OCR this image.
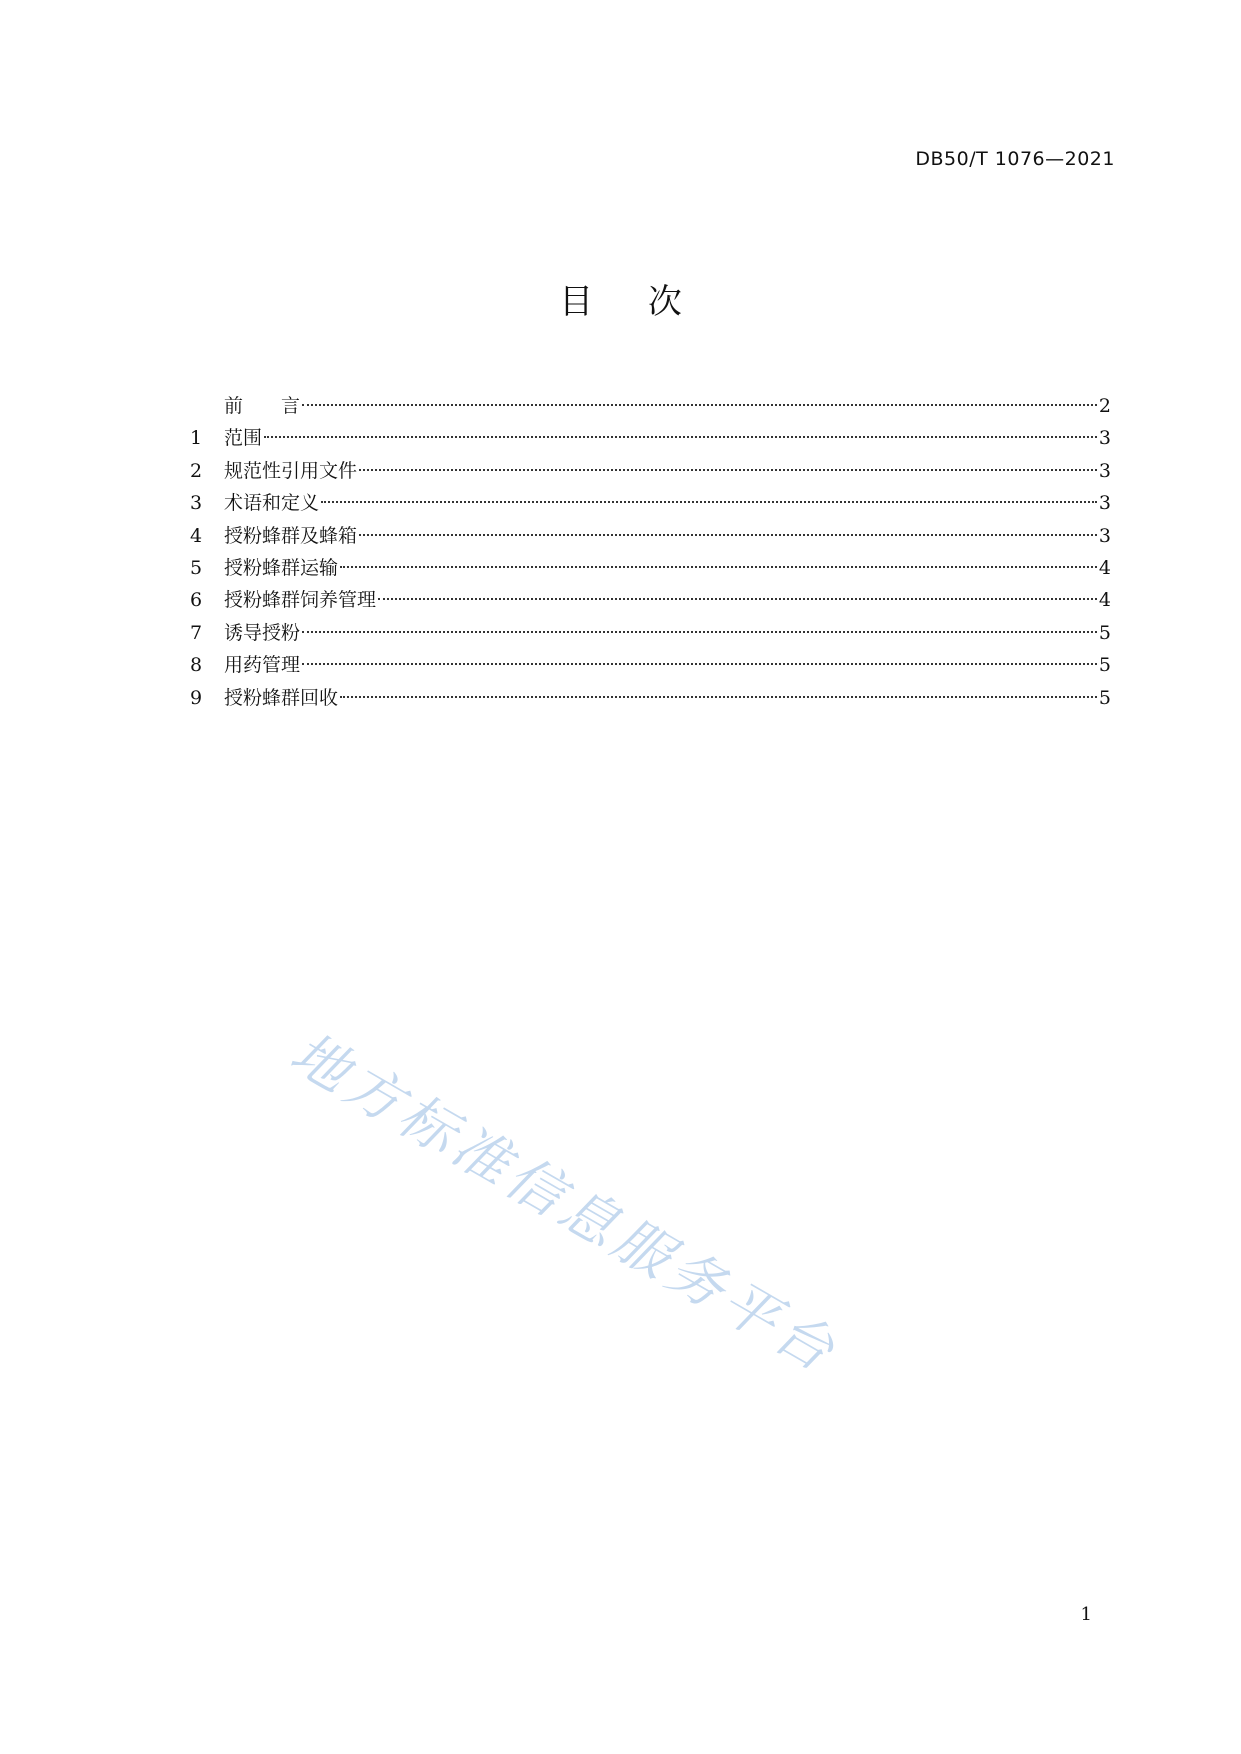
DB50/T 1076—2021
目 次
前　　言	2
1	范围	3
2	规范性引用文件	3
3	术语和定义	3
4	授粉蜂群及蜂箱	3
5	授粉蜂群运输	4
6	授粉蜂群饲养管理	4
7	诱导授粉	5
8	用药管理	5
9	授粉蜂群回收	5
地方标准信息服务平台
1
